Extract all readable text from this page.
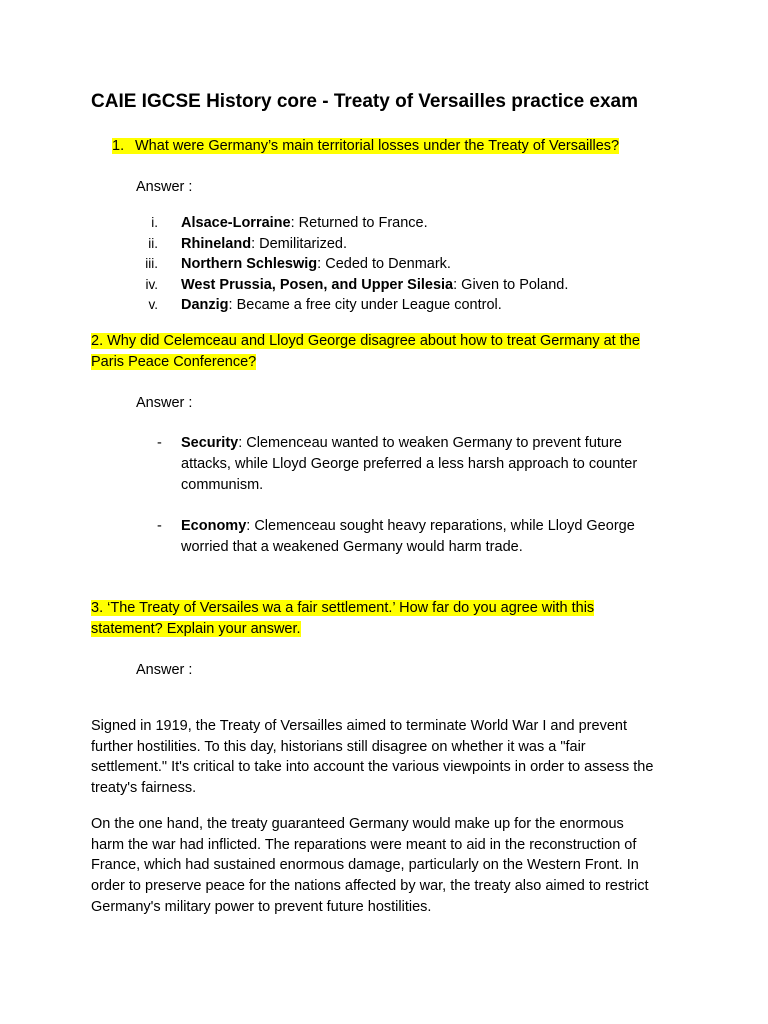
CAIE IGCSE History core - Treaty of Versailles practice exam
1. What were Germany’s main territorial losses under the Treaty of Versailles?
Answer :
i. Alsace-Lorraine: Returned to France.
ii. Rhineland: Demilitarized.
iii. Northern Schleswig: Ceded to Denmark.
iv. West Prussia, Posen, and Upper Silesia: Given to Poland.
v. Danzig: Became a free city under League control.
2. Why did Celemceau and Lloyd George disagree about how to treat Germany at the
Paris Peace Conference?
Answer :
- Security: Clemenceau wanted to weaken Germany to prevent future
attacks, while Lloyd George preferred a less harsh approach to counter
communism.
- Economy: Clemenceau sought heavy reparations, while Lloyd George
worried that a weakened Germany would harm trade.
3. ‘The Treaty of Versailes wa a fair settlement.’ How far do you agree with this
statement? Explain your answer.
Answer :
Signed in 1919, the Treaty of Versailles aimed to terminate World War I and prevent
further hostilities. To this day, historians still disagree on whether it was a "fair
settlement." It's critical to take into account the various viewpoints in order to assess the
treaty's fairness.
On the one hand, the treaty guaranteed Germany would make up for the enormous
harm the war had inflicted. The reparations were meant to aid in the reconstruction of
France, which had sustained enormous damage, particularly on the Western Front. In
order to preserve peace for the nations affected by war, the treaty also aimed to restrict
Germany's military power to prevent future hostilities.
